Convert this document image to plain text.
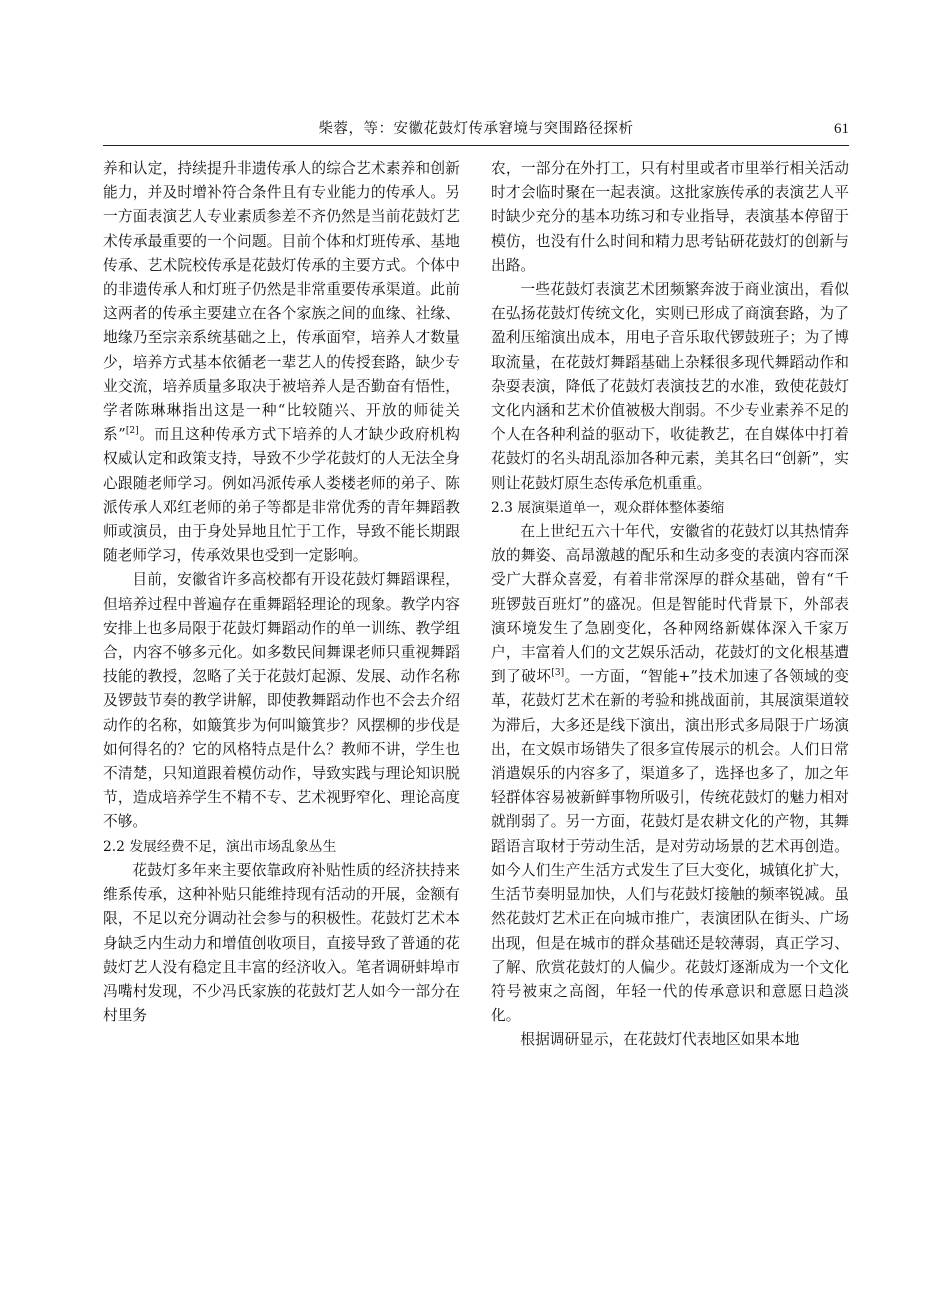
柴蓉，等：安徽花鼓灯传承窘境与突围路径探析	61

养和认定，持续提升非遗传承人的综合艺术素养和创新能力，并及时增补符合条件且有专业能力的传承人。另一方面表演艺人专业素质参差不齐仍然是当前花鼓灯艺术传承最重要的一个问题。目前个体和灯班传承、基地传承、艺术院校传承是花鼓灯传承的主要方式。个体中的非遗传承人和灯班子仍然是非常重要传承渠道。此前这两者的传承主要建立在各个家族之间的血缘、社缘、地缘乃至宗亲系统基础之上，传承面窄，培养人才数量少，培养方式基本依循老一辈艺人的传授套路，缺少专业交流，培养质量多取决于被培养人是否勤奋有悟性，学者陈琳琳指出这是一种“比较随兴、开放的师徒关系”[2]。而且这种传承方式下培养的人才缺少政府机构权威认定和政策支持，导致不少学花鼓灯的人无法全身心跟随老师学习。例如冯派传承人娄楼老师的弟子、陈派传承人邓红老师的弟子等都是非常优秀的青年舞蹈教师或演员，由于身处异地且忙于工作，导致不能长期跟随老师学习，传承效果也受到一定影响。

目前，安徽省许多高校都有开设花鼓灯舞蹈课程，但培养过程中普遍存在重舞蹈轻理论的现象。教学内容安排上也多局限于花鼓灯舞蹈动作的单一训练、教学组合，内容不够多元化。如多数民间舞课老师只重视舞蹈技能的教授，忽略了关于花鼓灯起源、发展、动作名称及锣鼓节奏的教学讲解，即使教舞蹈动作也不会去介绍动作的名称，如簸箕步为何叫簸箕步？风摆柳的步伐是如何得名的？它的风格特点是什么？教师不讲，学生也不清楚，只知道跟着模仿动作，导致实践与理论知识脱节，造成培养学生不精不专、艺术视野窄化、理论高度不够。

2.2 发展经费不足，演出市场乱象丛生

花鼓灯多年来主要依靠政府补贴性质的经济扶持来维系传承，这种补贴只能维持现有活动的开展，金额有限，不足以充分调动社会参与的积极性。花鼓灯艺术本身缺乏内生动力和增值创收项目，直接导致了普通的花鼓灯艺人没有稳定且丰富的经济收入。笔者调研蚌埠市冯嘴村发现，不少冯氏家族的花鼓灯艺人如今一部分在村里务

农，一部分在外打工，只有村里或者市里举行相关活动时才会临时聚在一起表演。这批家族传承的表演艺人平时缺少充分的基本功练习和专业指导，表演基本停留于模仿，也没有什么时间和精力思考钻研花鼓灯的创新与出路。

一些花鼓灯表演艺术团频繁奔波于商业演出，看似在弘扬花鼓灯传统文化，实则已形成了商演套路，为了盈利压缩演出成本，用电子音乐取代锣鼓班子；为了博取流量，在花鼓灯舞蹈基础上杂糅很多现代舞蹈动作和杂耍表演，降低了花鼓灯表演技艺的水准，致使花鼓灯文化内涵和艺术价值被极大削弱。不少专业素养不足的个人在各种利益的驱动下，收徒教艺，在自媒体中打着花鼓灯的名头胡乱添加各种元素，美其名曰“创新”，实则让花鼓灯原生态传承危机重重。

2.3 展演渠道单一，观众群体整体萎缩

在上世纪五六十年代，安徽省的花鼓灯以其热情奔放的舞姿、高昂激越的配乐和生动多变的表演内容而深受广大群众喜爱，有着非常深厚的群众基础，曾有“千班锣鼓百班灯”的盛况。但是智能时代背景下，外部表演环境发生了急剧变化，各种网络新媒体深入千家万户，丰富着人们的文艺娱乐活动，花鼓灯的文化根基遭到了破坏[3]。一方面，“智能+”技术加速了各领域的变革，花鼓灯艺术在新的考验和挑战面前，其展演渠道较为滞后，大多还是线下演出，演出形式多局限于广场演出，在文娱市场错失了很多宣传展示的机会。人们日常消遣娱乐的内容多了，渠道多了，选择也多了，加之年轻群体容易被新鲜事物所吸引，传统花鼓灯的魅力相对就削弱了。另一方面，花鼓灯是农耕文化的产物，其舞蹈语言取材于劳动生活，是对劳动场景的艺术再创造。如今人们生产生活方式发生了巨大变化，城镇化扩大，生活节奏明显加快，人们与花鼓灯接触的频率锐减。虽然花鼓灯艺术正在向城市推广，表演团队在街头、广场出现，但是在城市的群众基础还是较薄弱，真正学习、了解、欣赏花鼓灯的人偏少。花鼓灯逐渐成为一个文化符号被束之高阁，年轻一代的传承意识和意愿日趋淡化。

根据调研显示，在花鼓灯代表地区如果本地
